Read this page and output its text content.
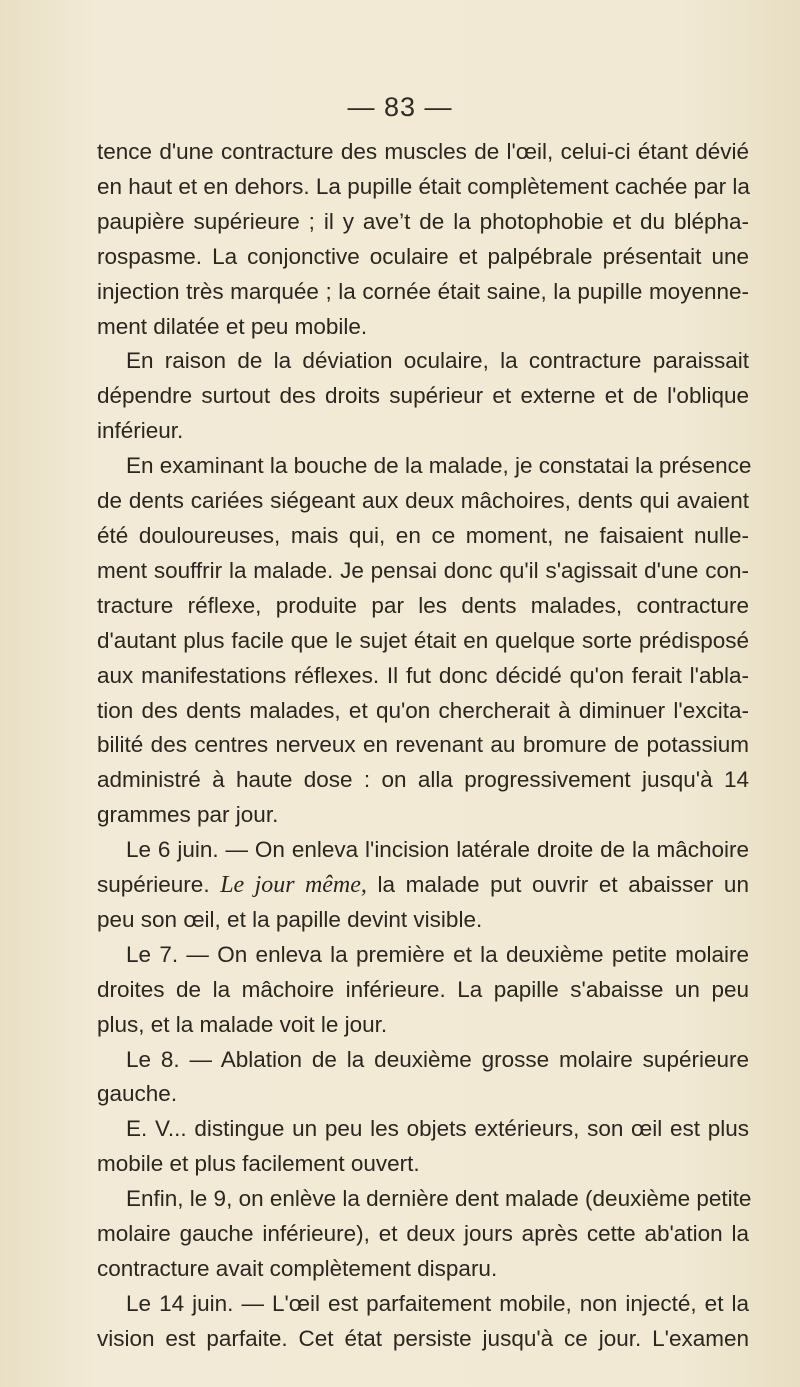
— 83 —
tence d'une contracture des muscles de l'œil, celui-ci étant dévié
en haut et en dehors. La pupille était complètement cachée par la
paupière supérieure ; il y ave’t de la photophobie et du blépha-
rospasme. La conjonctive oculaire et palpébrale présentait une
injection très marquée ; la cornée était saine, la pupille moyenne-
ment dilatée et peu mobile.
En raison de la déviation oculaire, la contracture paraissait
dépendre surtout des droits supérieur et externe et de l'oblique
inférieur.
En examinant la bouche de la malade, je constatai la présence
de dents cariées siégeant aux deux mâchoires, dents qui avaient
été douloureuses, mais qui, en ce moment, ne faisaient nulle-
ment souffrir la malade. Je pensai donc qu'il s'agissait d'une con-
tracture réflexe, produite par les dents malades, contracture
d'autant plus facile que le sujet était en quelque sorte prédisposé
aux manifestations réflexes. Il fut donc décidé qu'on ferait l'abla-
tion des dents malades, et qu'on chercherait à diminuer l'excita-
bilité des centres nerveux en revenant au bromure de potassium
administré à haute dose : on alla progressivement jusqu'à 14
grammes par jour.
Le 6 juin. — On enleva l'incision latérale droite de la mâchoire
supérieure. Le jour même, la malade put ouvrir et abaisser un
peu son œil, et la papille devint visible.
Le 7. — On enleva la première et la deuxième petite molaire
droites de la mâchoire inférieure. La papille s'abaisse un peu
plus, et la malade voit le jour.
Le 8. — Ablation de la deuxième grosse molaire supérieure
gauche.
E. V... distingue un peu les objets extérieurs, son œil est plus
mobile et plus facilement ouvert.
Enfin, le 9, on enlève la dernière dent malade (deuxième petite
molaire gauche inférieure), et deux jours après cette ab'ation la
contracture avait complètement disparu.
Le 14 juin. — L'œil est parfaitement mobile, non injecté, et la
vision est parfaite. Cet état persiste jusqu'à ce jour. L'examen
